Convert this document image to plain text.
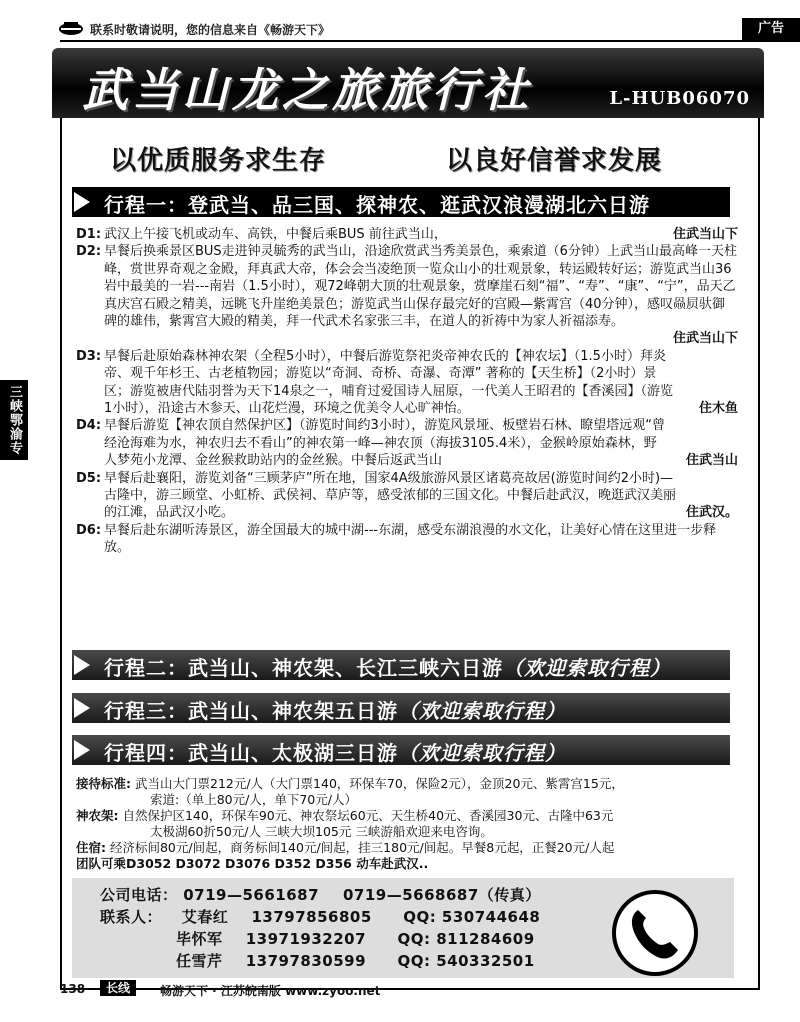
联系时敬请说明，您的信息来自《畅游天下》	广告
武当山龙之旅旅行社	L-HUB06070
三峡鄂渝专
以优质服务求生存	以良好信誉求发展
行程一：登武当、品三国、探神农、逛武汉浪漫湖北六日游
D1: 武汉上午接飞机或动车、高铁，中餐后乘BUS 前往武当山，	住武当山下
D2: 早餐后换乘景区BUS走进钟灵毓秀的武当山，沿途欣赏武当秀美景色，乘索道（6分钟）上武当山最高峰一天柱峰，赏世界奇观之金殿，拜真武大帝，体会会当凌绝顶一览众山小的壮观景象，转运殿转好运；游览武当山36岩中最美的一岩---南岩（1.5小时），观72峰朝大顶的壮观景象，赏摩崖石刻“福”、“寿”、“康”、“宁”，品天乙真庆宫石殿之精美，远眺飞升崖绝美景色；游览武当山保存最完好的宫殿—紫霄宫（40分钟），感叹赑屃驮御碑的雄伟，紫霄宫大殿的精美，拜一代武术名家张三丰，在道人的祈祷中为家人祈福添寿。

住武当山下
D3: 早餐后赴原始森林神农架（全程5小时），中餐后游览祭祀炎帝神农氏的【神农坛】（1.5小时）拜炎帝、观千年杉王、古老植物园；游览以“奇洞、奇桥、奇瀑、奇潭” 著称的【天生桥】（2小时）景区；游览被唐代陆羽誉为天下14泉之一，哺育过爱国诗人屈原，一代美人王昭君的【香溪园】（游览1小时），沿途古木参天、山花烂漫，环境之优美令人心旷神怡。	住木鱼
D4: 早餐后游览【神农顶自然保护区】（游览时间约3小时），游览风景垭、板壁岩石林、瞭望塔远观“曾经沧海难为水，神农归去不看山”的神农第一峰—神农顶（海拔3105.4米），金猴岭原始森林，野人梦苑小龙潭、金丝猴救助站内的金丝猴。中餐后返武当山	住武当山
D5: 早餐后赴襄阳，游览刘备“三顾茅庐”所在地，国家4A级旅游风景区诸葛亮故居(游览时间约2小时)—古隆中，游三顾堂、小虹桥、武侯祠、草庐等，感受浓郁的三国文化。中餐后赴武汉，晚逛武汉美丽的江滩，品武汉小吃。	住武汉。
D6: 早餐后赴东湖听涛景区，游全国最大的城中湖---东湖，感受东湖浪漫的水文化，让美好心情在这里进一步释放。

行程二：武当山、神农架、长江三峡六日游（欢迎索取行程）
行程三：武当山、神农架五日游（欢迎索取行程）
行程四：武当山、太极湖三日游（欢迎索取行程）

接待标准: 武当山大门票212元/人（大门票140，环保车70，保险2元），金顶20元、紫霄宫15元，

索道:（单上80元/人，单下70元/人）

神农架: 自然保护区140，环保车90元、神农祭坛60元、天生桥40元、香溪园30元、古隆中63元

太极湖60折50元/人 三峡大坝105元 三峡游船欢迎来电咨询。

住宿: 经济标间80元/间起，商务标间140元/间起，挂三180元/间起。早餐8元起，正餐20元/人起

团队可乘D3052 D3072 D3076 D352 D356 动车赴武汉..

公司电话： 0719—5661687 0719—5668687（传真）
联系人： 艾春红 13797856805 QQ: 530744648
毕怀军 13971932207 QQ: 811284609
任雪芹 13797830599 QQ: 540332501
138	长线	畅游天下 · 江苏皖南版 www.zyoo.net
